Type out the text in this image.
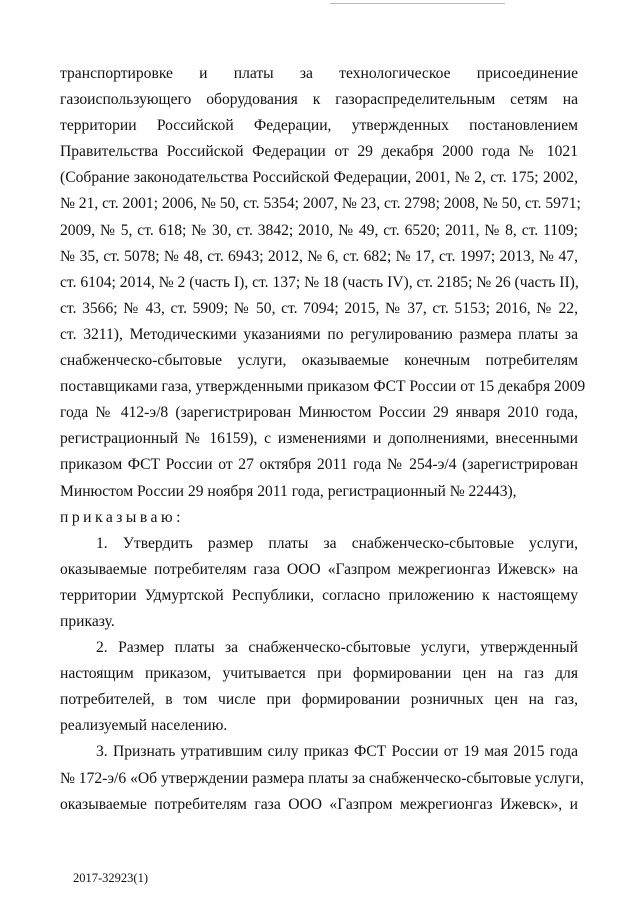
транспортировке и платы за технологическое присоединение
газоиспользующего оборудования к газораспределительным сетям на
территории Российской Федерации, утвержденных постановлением
Правительства Российской Федерации от 29 декабря 2000 года № 1021
(Собрание законодательства Российской Федерации, 2001, № 2, ст. 175; 2002,
№ 21, ст. 2001; 2006, № 50, ст. 5354; 2007, № 23, ст. 2798; 2008, № 50, ст. 5971;
2009, № 5, ст. 618; № 30, ст. 3842; 2010, № 49, ст. 6520; 2011, № 8, ст. 1109;
№ 35, ст. 5078; № 48, ст. 6943; 2012, № 6, ст. 682; № 17, ст. 1997; 2013, № 47,
ст. 6104; 2014, № 2 (часть I), ст. 137; № 18 (часть IV), ст. 2185; № 26 (часть II),
ст. 3566; № 43, ст. 5909; № 50, ст. 7094; 2015, № 37, ст. 5153; 2016, № 22,
ст. 3211), Методическими указаниями по регулированию размера платы за
снабженческо-сбытовые услуги, оказываемые конечным потребителям
поставщиками газа, утвержденными приказом ФСТ России от 15 декабря 2009
года № 412-э/8 (зарегистрирован Минюстом России 29 января 2010 года,
регистрационный № 16159), с изменениями и дополнениями, внесенными
приказом ФСТ России от 27 октября 2011 года № 254-э/4 (зарегистрирован
Минюстом России 29 ноября 2011 года, регистрационный № 22443),
приказываю:
1. Утвердить размер платы за снабженческо-сбытовые услуги,
оказываемые потребителям газа ООО «Газпром межрегионгаз Ижевск» на
территории Удмуртской Республики, согласно приложению к настоящему
приказу.
2. Размер платы за снабженческо-сбытовые услуги, утвержденный
настоящим приказом, учитывается при формировании цен на газ для
потребителей, в том числе при формировании розничных цен на газ,
реализуемый населению.
3. Признать утратившим силу приказ ФСТ России от 19 мая 2015 года
№ 172-э/6 «Об утверждении размера платы за снабженческо-сбытовые услуги,
оказываемые потребителям газа ООО «Газпром межрегионгаз Ижевск», и
2017-32923(1)
